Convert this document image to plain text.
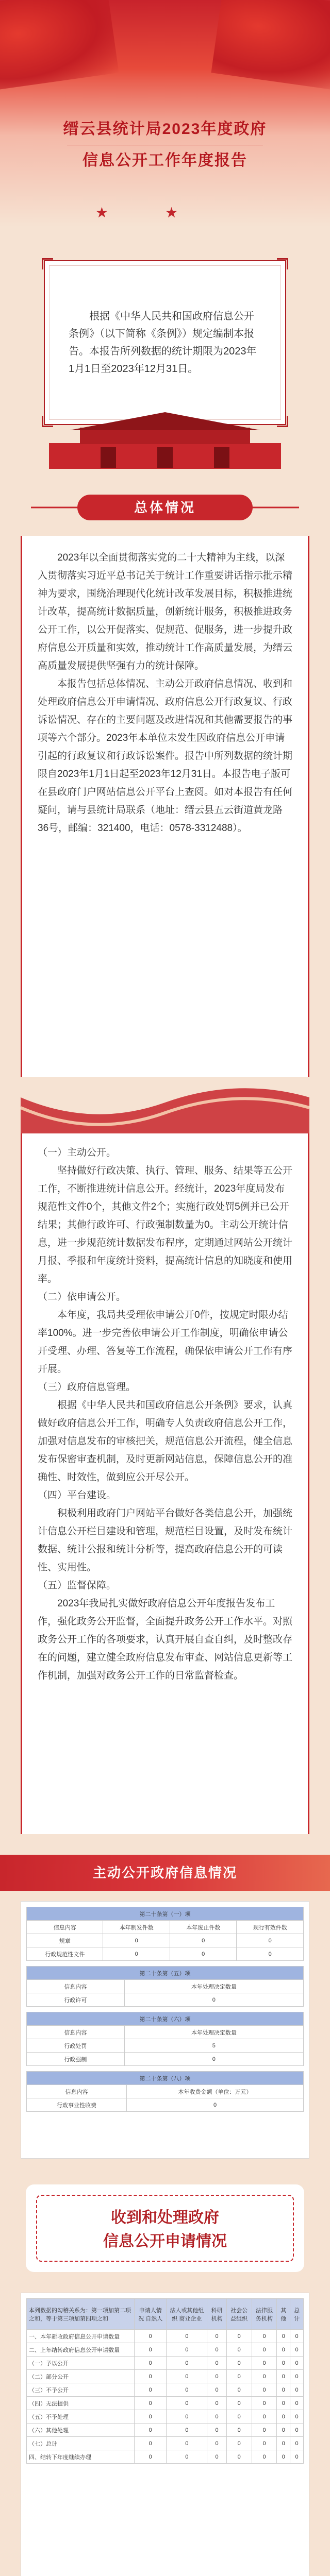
缙云县统计局2023年度政府
信息公开工作年度报告
★★
根据《中华人民共和国政府信息公开条例》（以下简称《条例》）规定编制本报告。本报告所列数据的统计期限为2023年1月1日至2023年12月31日。
总体情况

2023年以全面贯彻落实党的二十大精神为主线，以深入贯彻落实习近平总书记关于统计工作重要讲话指示批示精神为要求，围绕治理现代化统计改革发展目标，积极推进统计改革，提高统计数据质量，创新统计服务，积极推进政务公开工作，以公开促落实、促规范、促服务，进一步提升政府信息公开质量和实效，推动统计工作高质量发展，为缙云高质量发展提供坚强有力的统计保障。

本报告包括总体情况、主动公开政府信息情况、收到和处理政府信息公开申请情况、政府信息公开行政复议、行政诉讼情况、存在的主要问题及改进情况和其他需要报告的事项等六个部分。2023年本单位未发生因政府信息公开申请引起的行政复议和行政诉讼案件。报告中所列数据的统计期限自2023年1月1日起至2023年12月31日。本报告电子版可在县政府门户网站信息公开平台上查阅。如对本报告有任何疑问，请与县统计局联系（地址：缙云县五云街道黄龙路36号，邮编：321400，电话：0578-3312488）。

（一）主动公开。

坚持做好行政决策、执行、管理、服务、结果等五公开工作，不断推进统计信息公开。经统计，2023年度局发布规范性文件0个，其他文件2个；实施行政处罚5例并已公开结果；其他行政许可、行政强制数量为0。主动公开统计信息，进一步规范统计数据发布程序，定期通过网站公开统计月报、季报和年度统计资料，提高统计信息的知晓度和使用率。

（二）依申请公开。

本年度，我局共受理依申请公开0件，按规定时限办结率100%。进一步完善依申请公开工作制度，明确依申请公开受理、办理、答复等工作流程，确保依申请公开工作有序开展。

（三）政府信息管理。

根据《中华人民共和国政府信息公开条例》要求，认真做好政府信息公开工作，明确专人负责政府信息公开工作，加强对信息发布的审核把关，规范信息公开流程，健全信息发布保密审查机制，及时更新网站信息，保障信息公开的准确性、时效性，做到应公开尽公开。

（四）平台建设。

积极利用政府门户网站平台做好各类信息公开，加强统计信息公开栏目建设和管理，规范栏目设置，及时发布统计数据、统计公报和统计分析等，提高政府信息公开的可读性、实用性。

（五）监督保障。

2023年我局扎实做好政府信息公开年度报告发布工作，强化政务公开监督，全面提升政务公开工作水平。对照政务公开工作的各项要求，认真开展自查自纠，及时整改存在的问题，建立健全政府信息发布审查、网站信息更新等工作机制，加强对政务公开工作的日常监督检查。

主动公开政府信息情况
第二十条第（一）项			
信息内容	本年制发件数	本年废止件数	现行有效件数
规章	0	0	0
行政规范性文件	0	0	0
第二十条第（五）项	
信息内容	本年处理决定数量
行政许可	0
第二十条第（六）项	
信息内容	本年处理决定数量
行政处罚	5
行政强制	0
第二十条第（八）项	
信息内容	本年收费金额（单位：万元）
行政事业性收费	0
收到和处理政府
信息公开申请情况
本列数据的勾稽关系为：第一项加第二项之和，等于第三项加第四项之和	申请人情况 自然人	法人或其他组织 商业企业	科研机构	社会公益组织	法律服务机构	其他	总计
一、本年新收政府信息公开申请数量	0	0	0	0	0	0	0
二、上年结转政府信息公开申请数量	0	0	0	0	0	0	0
（一）予以公开	0	0	0	0	0	0	0
（二）部分公开	0	0	0	0	0	0	0
（三）不予公开	0	0	0	0	0	0	0
（四）无法提供	0	0	0	0	0	0	0
（五）不予处理	0	0	0	0	0	0	0
（六）其他处理	0	0	0	0	0	0	0
（七）总计	0	0	0	0	0	0	0
四、结转下年度继续办理	0	0	0	0	0	0	0
